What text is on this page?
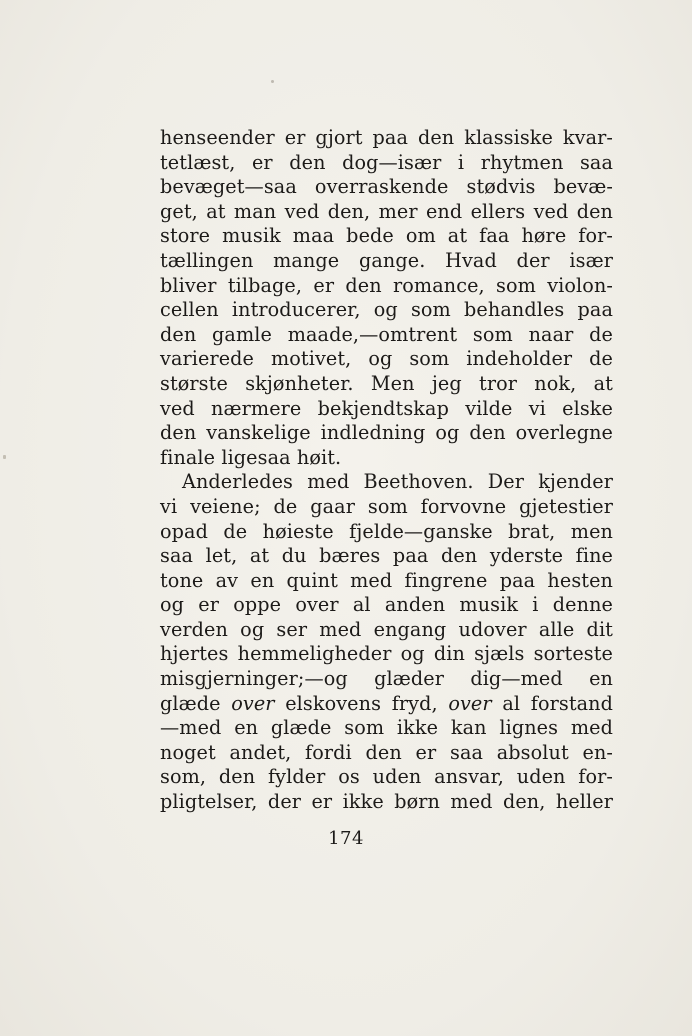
henseender er gjort paa den klassiske kvar-
tetlæst, er den dog—især i rhytmen saa
bevæget—saa overraskende stødvis bevæ-
get, at man ved den, mer end ellers ved den
store musik maa bede om at faa høre for-
tællingen mange gange. Hvad der især
bliver tilbage, er den romance, som violon-
cellen introducerer, og som behandles paa
den gamle maade,—omtrent som naar de
varierede motivet, og som indeholder de
største skjønheter. Men jeg tror nok, at
ved nærmere bekjendtskap vilde vi elske
den vanskelige indledning og den overlegne
finale ligesaa høit.
Anderledes med Beethoven. Der kjender
vi veiene; de gaar som forvovne gjetestier
opad de høieste fjelde—ganske brat, men
saa let, at du bæres paa den yderste fine
tone av en quint med fingrene paa hesten
og er oppe over al anden musik i denne
verden og ser med engang udover alle dit
hjertes hemmeligheder og din sjæls sorteste
misgjerninger;—og glæder dig—med en
glæde over elskovens fryd, over al forstand
—med en glæde som ikke kan lignes med
noget andet, fordi den er saa absolut en-
som, den fylder os uden ansvar, uden for-
pligtelser, der er ikke børn med den, heller
174
